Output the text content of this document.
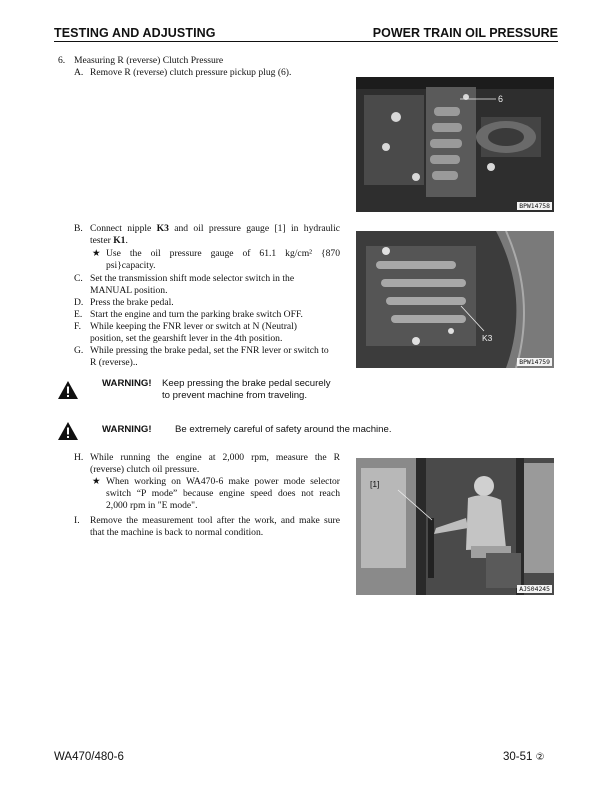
TESTING AND ADJUSTING	POWER TRAIN OIL PRESSURE
6. Measuring R (reverse) Clutch Pressure
A. Remove R (reverse) clutch pressure pickup plug (6).
6
BPW14758
B. Connect nipple K3 and oil pressure gauge [1] in hydraulic
tester K1.
★ Use the oil pressure gauge of 61.1 kg/cm² {870
psi}capacity.
C. Set the transmission shift mode selector switch in the
MANUAL position.
D. Press the brake pedal.
E. Start the engine and turn the parking brake switch OFF.
F. While keeping the FNR lever or switch at N (Neutral)
position, set the gearshift lever in the 4th position.
G. While pressing the brake pedal, set the FNR lever or switch to
R (reverse)..
K3
BPW14759
WARNING! Keep pressing the brake pedal securely
to prevent machine from traveling.
WARNING! Be extremely careful of safety around the machine.
H. While running the engine at 2,000 rpm, measure the R
(reverse) clutch oil pressure.
★ When working on WA470-6 make power mode selector
switch “P mode” because engine speed does not reach
2,000 rpm in "E mode".
I. Remove the measurement tool after the work, and make sure
that the machine is back to normal condition.
[1]
AJS04245
WA470/480-6	30-51 ②
